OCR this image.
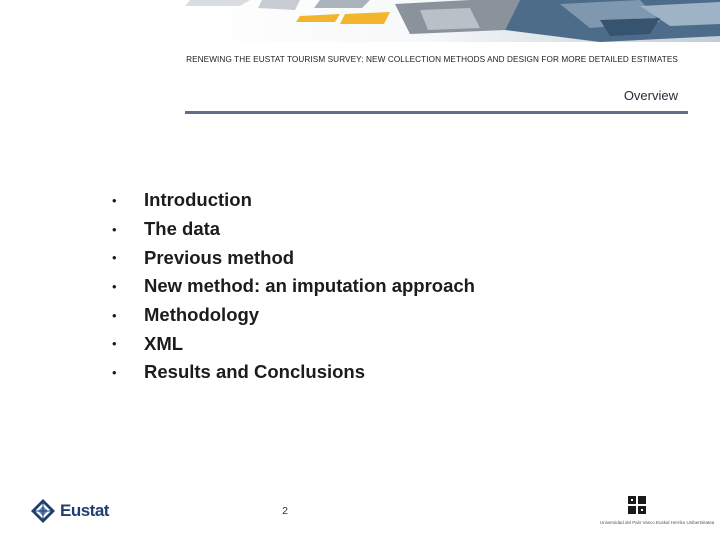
RENEWING THE EUSTAT TOURISM SURVEY: NEW COLLECTION METHODS AND DESIGN FOR MORE DETAILED ESTIMATES
Overview
•	Introduction
•	The data
•	Previous method
•	New method: an imputation approach
•	Methodology
•	XML
•	Results and Conclusions
Eustat	2
Universidad del País Vasco Euskal Herriko Unibertsitatea
